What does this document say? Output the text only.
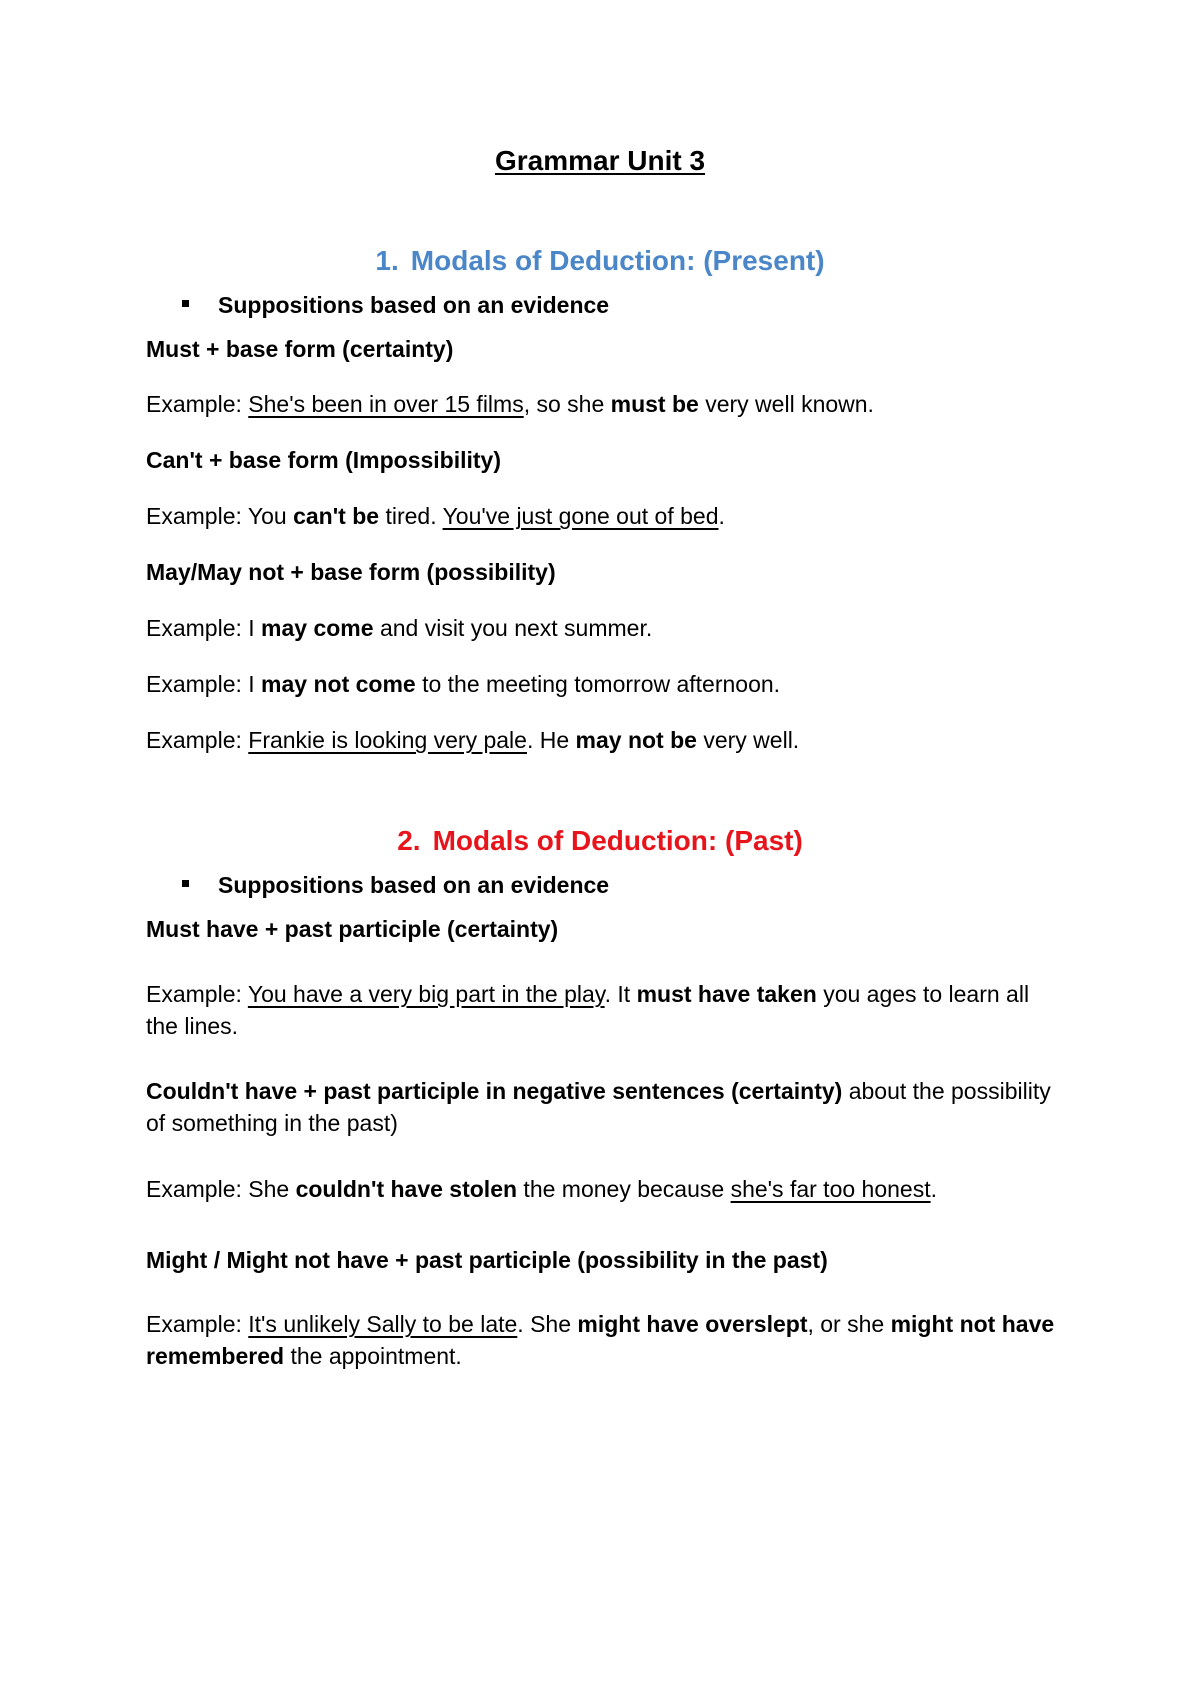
Grammar Unit 3
1. Modals of Deduction: (Present)
Suppositions based on an evidence
Must + base form (certainty)
Example: She's been in over 15 films, so she must be very well known.
Can't + base form (Impossibility)
Example: You can't be tired. You've just gone out of bed.
May/May not + base form (possibility)
Example: I may come and visit you next summer.
Example: I may not come to the meeting tomorrow afternoon.
Example: Frankie is looking very pale. He may not be very well.
2. Modals of Deduction: (Past)
Suppositions based on an evidence
Must have + past participle (certainty)
Example: You have a very big part in the play. It must have taken you ages to learn all the lines.
Couldn't have + past participle in negative sentences (certainty) about the possibility of something in the past)
Example: She couldn't have stolen the money because she's far too honest.
Might / Might not have + past participle (possibility in the past)
Example: It's unlikely Sally to be late. She might have overslept, or she might not have remembered the appointment.
